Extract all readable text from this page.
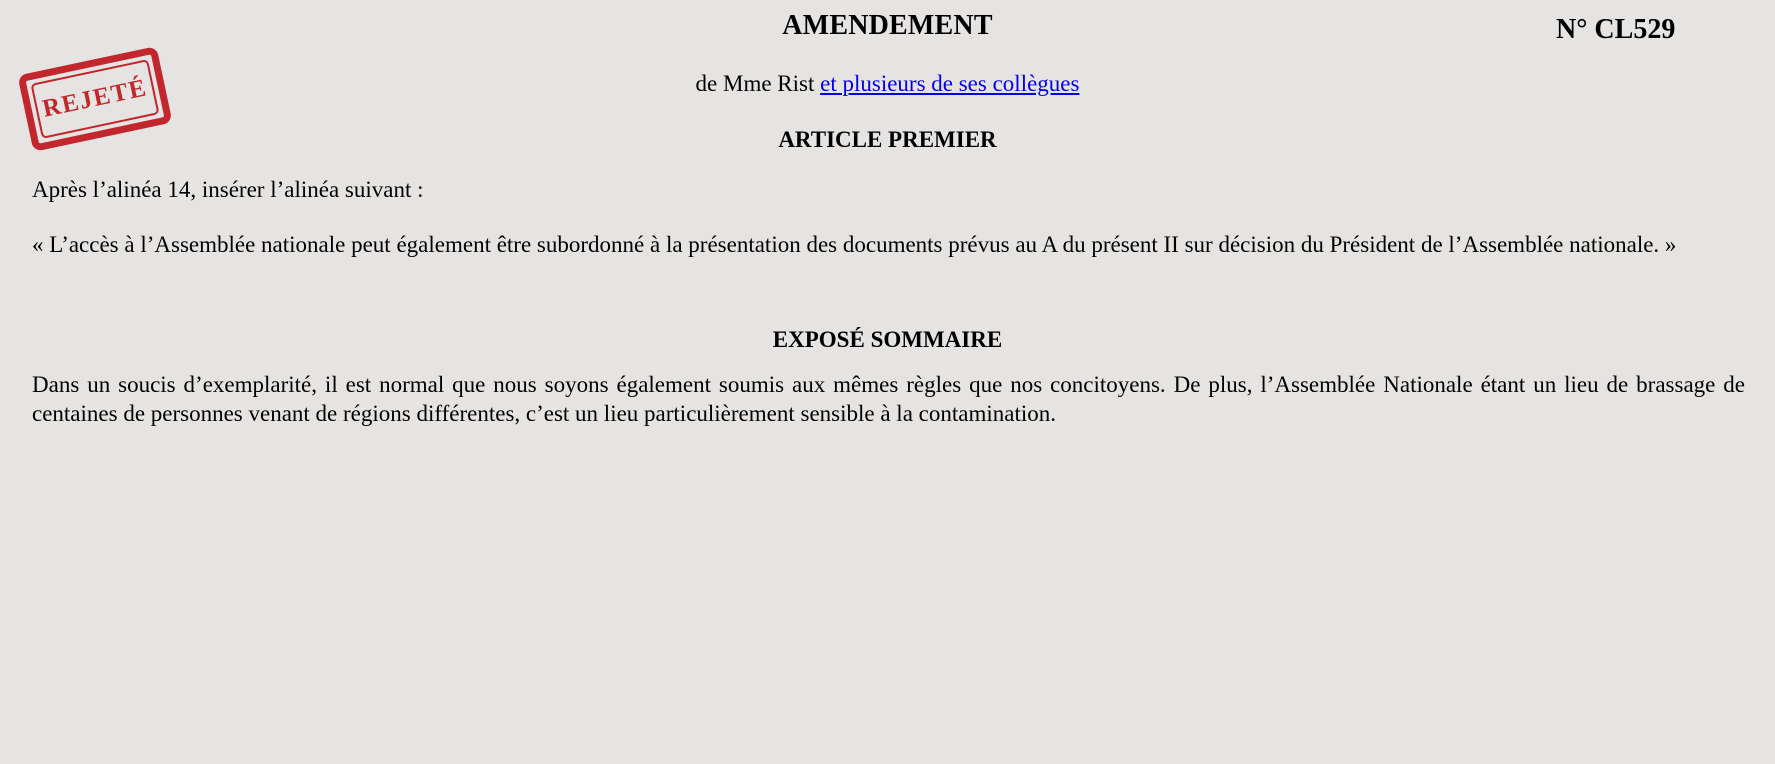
AMENDEMENT	N° CL529
REJETÉ	de Mme Rist et plusieurs de ses collègues
ARTICLE PREMIER
Après l’alinéa 14, insérer l’alinéa suivant :
« L’accès à l’Assemblée nationale peut également être subordonné à la présentation des documents prévus au A du présent II sur décision du Président de l’Assemblée nationale. »
EXPOSÉ SOMMAIRE
Dans un soucis d’exemplarité, il est normal que nous soyons également soumis aux mêmes règles que nos concitoyens. De plus, l’Assemblée Nationale étant un lieu de brassage de centaines de personnes venant de régions différentes, c’est un lieu particulièrement sensible à la contamination.
